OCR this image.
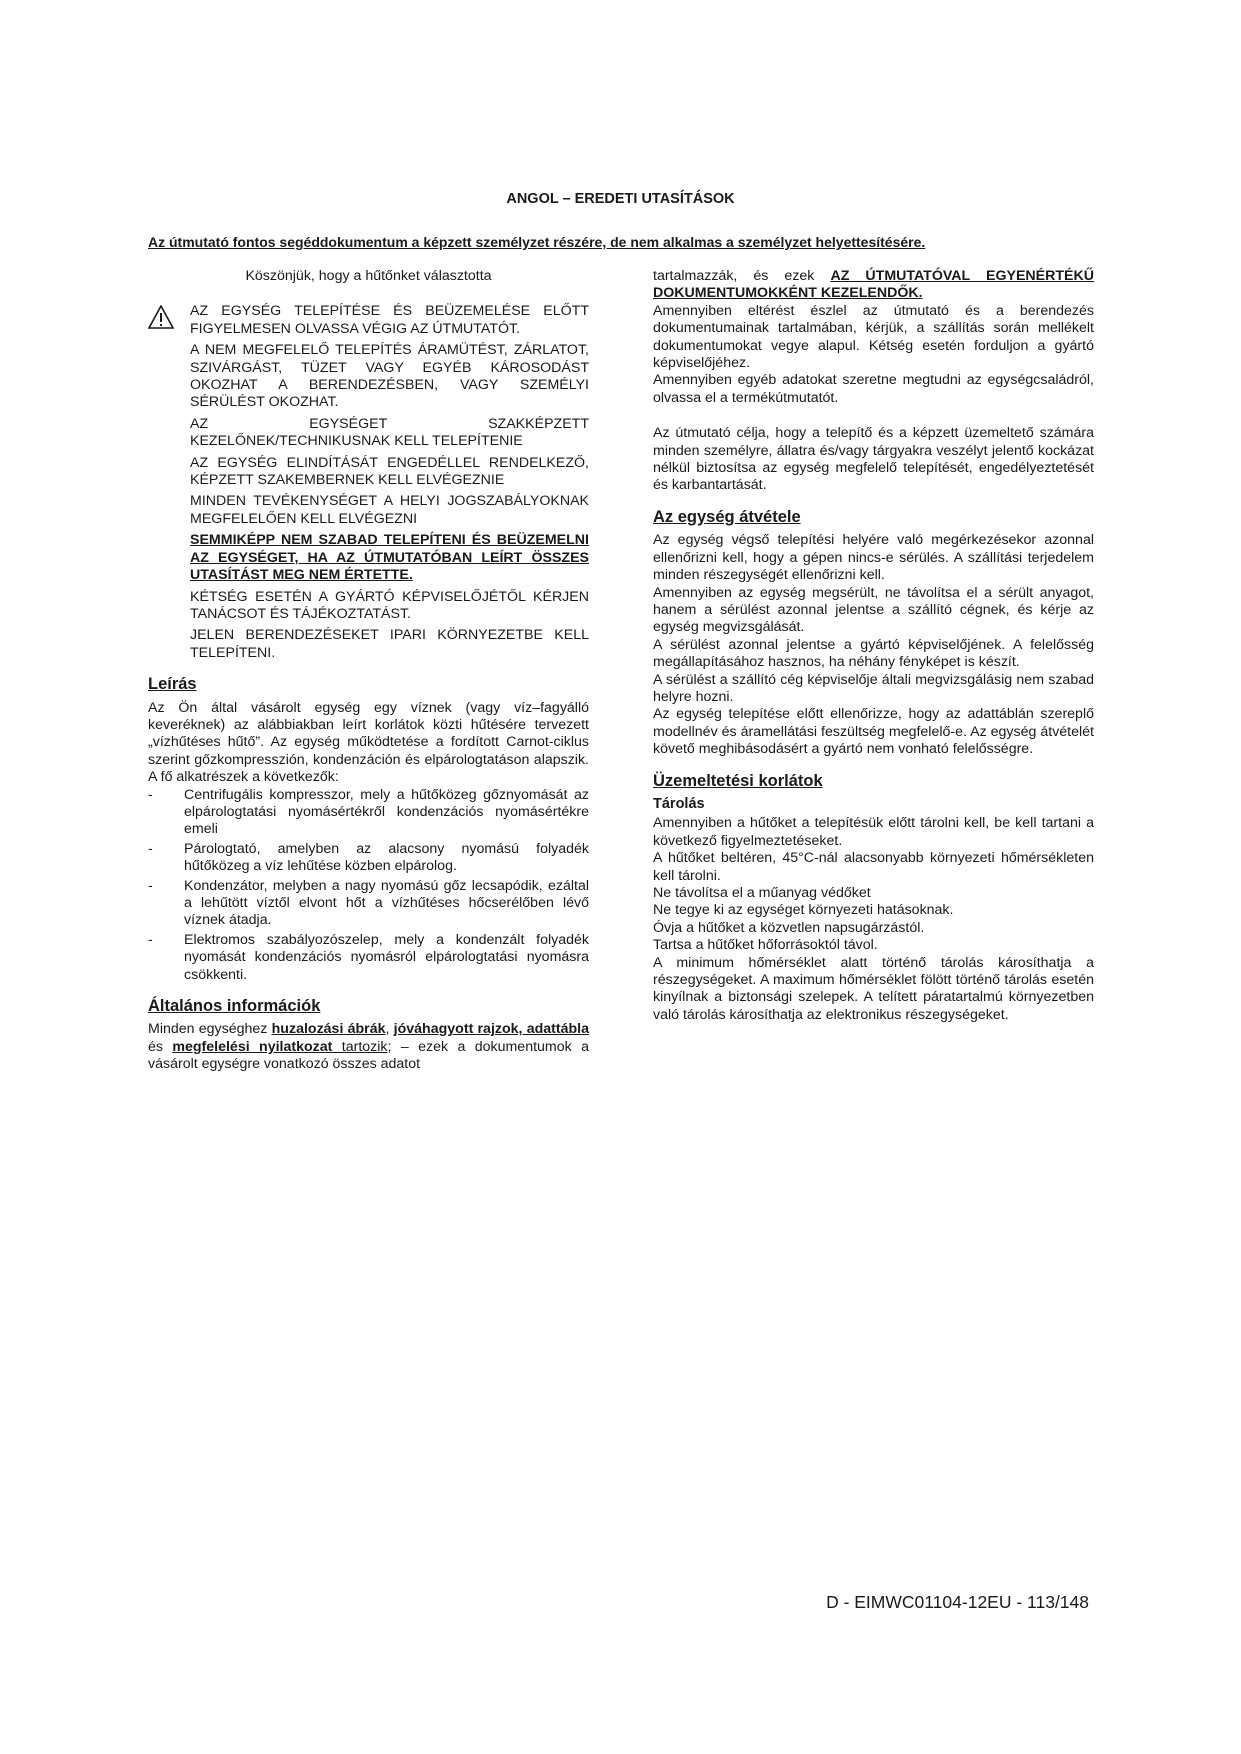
ANGOL – EREDETI UTASÍTÁSOK
Az útmutató fontos segéddokumentum a képzett személyzet részére, de nem alkalmas a személyzet helyettesítésére.

Köszönjük, hogy a hűtőnket választotta

AZ EGYSÉG TELEPÍTÉSE ÉS BEÜZEMELÉSE ELŐTT FIGYELMESEN OLVASSA VÉGIG AZ ÚTMUTATÓT.

A NEM MEGFELELŐ TELEPÍTÉS ÁRAMÜTÉST, ZÁRLATOT, SZIVÁRGÁST, TÜZET VAGY EGYÉB KÁROSODÁST OKOZHAT A BERENDEZÉSBEN, VAGY SZEMÉLYI SÉRÜLÉST OKOZHAT.

AZ EGYSÉGET SZAKKÉPZETT KEZELŐNEK/TECHNIKUSNAK KELL TELEPÍTENIE

AZ EGYSÉG ELINDÍTÁSÁT ENGEDÉLLEL RENDELKEZŐ, KÉPZETT SZAKEMBERNEK KELL ELVÉGEZNIE

MINDEN TEVÉKENYSÉGET A HELYI JOGSZABÁLYOKNAK MEGFELELŐEN KELL ELVÉGEZNI

SEMMIKÉPP NEM SZABAD TELEPÍTENI ÉS BEÜZEMELNI AZ EGYSÉGET, HA AZ ÚTMUTATÓBAN LEÍRT ÖSSZES UTASÍTÁST MEG NEM ÉRTETTE.

KÉTSÉG ESETÉN A GYÁRTÓ KÉPVISELŐJÉTŐL KÉRJEN TANÁCSOT ÉS TÁJÉKOZTATÁST.

JELEN BERENDEZÉSEKET IPARI KÖRNYEZETBE KELL TELEPÍTENI.

Leírás

Az Ön által vásárolt egység egy víznek (vagy víz–fagyálló keveréknek) az alábbiakban leírt korlátok közti hűtésére tervezett „vízhűtéses hűtő”. Az egység működtetése a fordított Carnot-ciklus szerint gőzkompresszión, kondenzáción és elpárologtatáson alapszik. A fő alkatrészek a következők:

- Centrifugális kompresszor, mely a hűtőközeg gőznyomását az elpárologtatási nyomásértékről kondenzációs nyomásértékre emeli
- Párologtató, amelyben az alacsony nyomású folyadék hűtőközeg a víz lehűtése közben elpárolog.
- Kondenzátor, melyben a nagy nyomású gőz lecsapódik, ezáltal a lehűtött víztől elvont hőt a vízhűtéses hőcserélőben lévő víznek átadja.
- Elektromos szabályozószelep, mely a kondenzált folyadék nyomását kondenzációs nyomásról elpárologtatási nyomásra csökkenti.
Általános információk

Minden egységhez huzalozási ábrák, jóváhagyott rajzok, adattábla és megfelelési nyilatkozat tartozik; – ezek a dokumentumok a vásárolt egységre vonatkozó összes adatot

tartalmazzák, és ezek AZ ÚTMUTATÓVAL EGYENÉRTÉKŰ DOKUMENTUMOKKÉNT KEZELENDŐK.

Amennyiben eltérést észlel az útmutató és a berendezés dokumentumainak tartalmában, kérjük, a szállítás során mellékelt dokumentumokat vegye alapul. Kétség esetén forduljon a gyártó képviselőjéhez.

Amennyiben egyéb adatokat szeretne megtudni az egységcsaládról, olvassa el a termékútmutatót.

Az útmutató célja, hogy a telepítő és a képzett üzemeltető számára minden személyre, állatra és/vagy tárgyakra veszélyt jelentő kockázat nélkül biztosítsa az egység megfelelő telepítését, engedélyeztetését és karbantartását.

Az egység átvétele

Az egység végső telepítési helyére való megérkezésekor azonnal ellenőrizni kell, hogy a gépen nincs-e sérülés. A szállítási terjedelem minden részegységét ellenőrizni kell.

Amennyiben az egység megsérült, ne távolítsa el a sérült anyagot, hanem a sérülést azonnal jelentse a szállító cégnek, és kérje az egység megvizsgálását.

A sérülést azonnal jelentse a gyártó képviselőjének. A felelősség megállapításához hasznos, ha néhány fényképet is készít.

A sérülést a szállító cég képviselője általi megvizsgálásig nem szabad helyre hozni.

Az egység telepítése előtt ellenőrizze, hogy az adattáblán szereplő modellnév és áramellátási feszültség megfelelő-e. Az egység átvételét követő meghibásodásért a gyártó nem vonható felelősségre.

Üzemeltetési korlátok
Tárolás

Amennyiben a hűtőket a telepítésük előtt tárolni kell, be kell tartani a következő figyelmeztetéseket.

A hűtőket beltéren, 45°C-nál alacsonyabb környezeti hőmérsékleten kell tárolni.

Ne távolítsa el a műanyag védőket

Ne tegye ki az egységet környezeti hatásoknak.

Óvja a hűtőket a közvetlen napsugárzástól.

Tartsa a hűtőket hőforrásoktól távol.

A minimum hőmérséklet alatt történő tárolás károsíthatja a részegységeket. A maximum hőmérséklet fölött történő tárolás esetén kinyílnak a biztonsági szelepek. A telített páratartalmú környezetben való tárolás károsíthatja az elektronikus részegységeket.

D - EIMWC01104-12EU - 113/148
